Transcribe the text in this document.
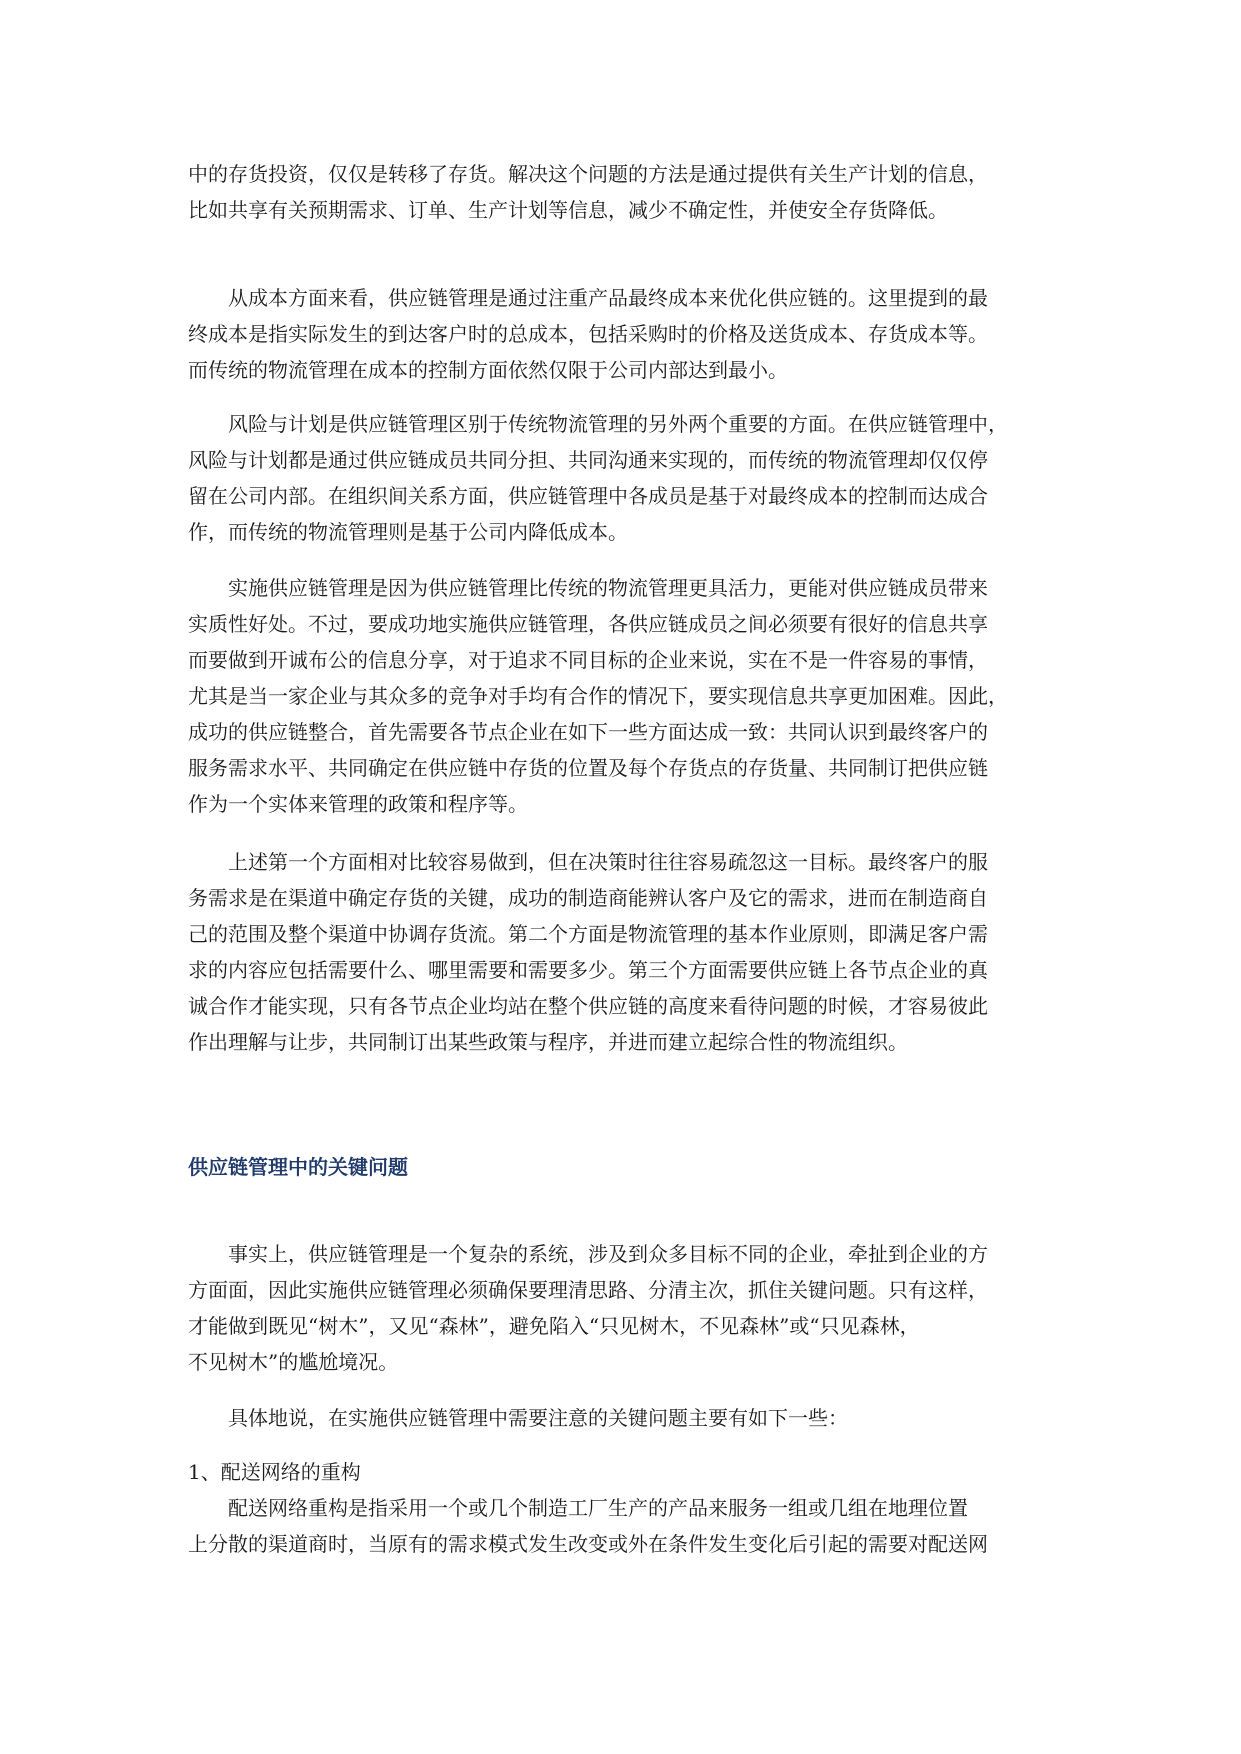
中的存货投资，仅仅是转移了存货。解决这个问题的方法是通过提供有关生产计划的信息，
比如共享有关预期需求、订单、生产计划等信息，减少不确定性，并使安全存货降低。
从成本方面来看，供应链管理是通过注重产品最终成本来优化供应链的。这里提到的最
终成本是指实际发生的到达客户时的总成本，包括采购时的价格及送货成本、存货成本等。
而传统的物流管理在成本的控制方面依然仅限于公司内部达到最小。
风险与计划是供应链管理区别于传统物流管理的另外两个重要的方面。在供应链管理中，
风险与计划都是通过供应链成员共同分担、共同沟通来实现的，而传统的物流管理却仅仅停
留在公司内部。在组织间关系方面，供应链管理中各成员是基于对最终成本的控制而达成合
作，而传统的物流管理则是基于公司内降低成本。
实施供应链管理是因为供应链管理比传统的物流管理更具活力，更能对供应链成员带来
实质性好处。不过，要成功地实施供应链管理，各供应链成员之间必须要有很好的信息共享
而要做到开诚布公的信息分享，对于追求不同目标的企业来说，实在不是一件容易的事情，
尤其是当一家企业与其众多的竞争对手均有合作的情况下，要实现信息共享更加困难。因此，
成功的供应链整合，首先需要各节点企业在如下一些方面达成一致：共同认识到最终客户的
服务需求水平、共同确定在供应链中存货的位置及每个存货点的存货量、共同制订把供应链
作为一个实体来管理的政策和程序等。
上述第一个方面相对比较容易做到，但在决策时往往容易疏忽这一目标。最终客户的服
务需求是在渠道中确定存货的关键，成功的制造商能辨认客户及它的需求，进而在制造商自
己的范围及整个渠道中协调存货流。第二个方面是物流管理的基本作业原则，即满足客户需
求的内容应包括需要什么、哪里需要和需要多少。第三个方面需要供应链上各节点企业的真
诚合作才能实现，只有各节点企业均站在整个供应链的高度来看待问题的时候，才容易彼此
作出理解与让步，共同制订出某些政策与程序，并进而建立起综合性的物流组织。
供应链管理中的关键问题
事实上，供应链管理是一个复杂的系统，涉及到众多目标不同的企业，牵扯到企业的方
方面面，因此实施供应链管理必须确保要理清思路、分清主次，抓住关键问题。只有这样，
才能做到既见“树木”，又见“森林”，避免陷入“只见树木，不见森林”或“只见森林，
不见树木”的尴尬境况。
具体地说，在实施供应链管理中需要注意的关键问题主要有如下一些：
1、配送网络的重构
配送网络重构是指采用一个或几个制造工厂生产的产品来服务一组或几组在地理位置
上分散的渠道商时，当原有的需求模式发生改变或外在条件发生变化后引起的需要对配送网
